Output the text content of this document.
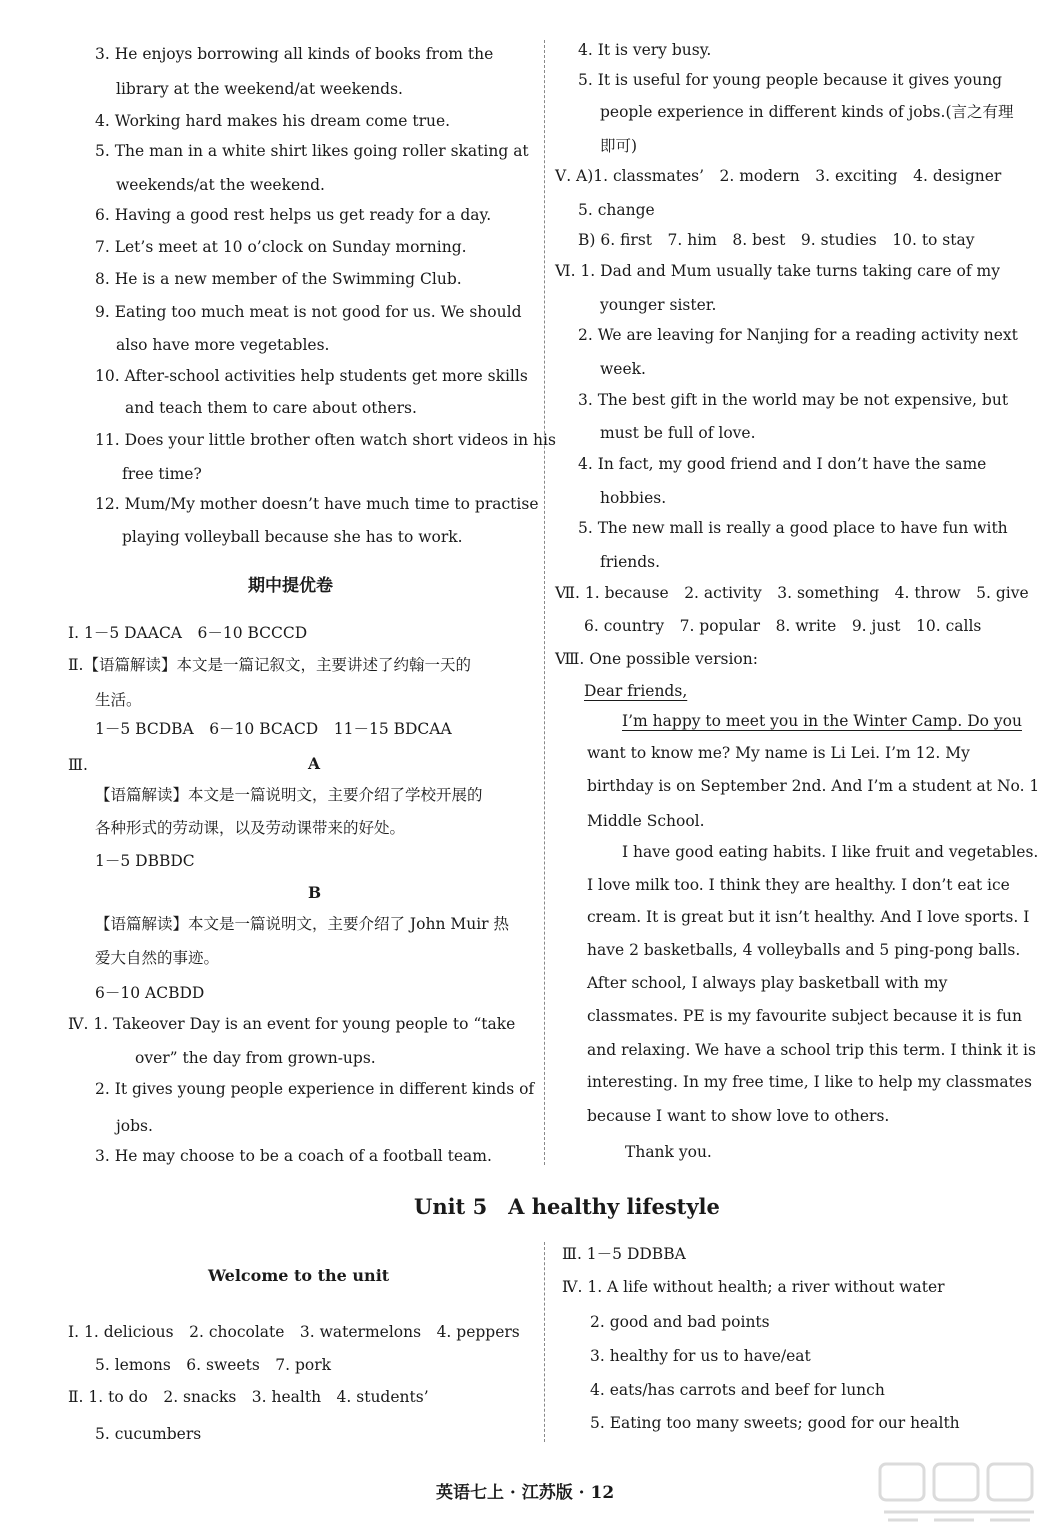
3. He enjoys borrowing all kinds of books from the
library at the weekend/at weekends.
4. Working hard makes his dream come true.
5. The man in a white shirt likes going roller skating at
weekends/at the weekend.
6. Having a good rest helps us get ready for a day.
7. Let’s meet at 10 o’clock on Sunday morning.
8. He is a new member of the Swimming Club.
9. Eating too much meat is not good for us. We should
also have more vegetables.
10. After-school activities help students get more skills
and teach them to care about others.
11. Does your little brother often watch short videos in his
free time?
12. Mum/My mother doesn’t have much time to practise
playing volleyball because she has to work.
期中提优卷
Ⅰ. 1－5 DAACA　6－10 BCCCD
Ⅱ.【语篇解读】本文是一篇记叙文，主要讲述了约翰一天的
生活。
1－5 BCDBA　6－10 BCACD　11－15 BDCAA
Ⅲ.	A
【语篇解读】本文是一篇说明文，主要介绍了学校开展的
各种形式的劳动课，以及劳动课带来的好处。
1－5 DBBDC
B
【语篇解读】本文是一篇说明文，主要介绍了 John Muir 热
爱大自然的事迹。
6－10 ACBDD
Ⅳ. 1. Takeover Day is an event for young people to “take
over” the day from grown-ups.
2. It gives young people experience in different kinds of
jobs.
3. He may choose to be a coach of a football team.
4. It is very busy.
5. It is useful for young people because it gives young
people experience in different kinds of jobs.(言之有理
即可)
Ⅴ. A)1. classmates’　2. modern　3. exciting　4. designer
5. change
B) 6. first　7. him　8. best　9. studies　10. to stay
Ⅵ. 1. Dad and Mum usually take turns taking care of my
younger sister.
2. We are leaving for Nanjing for a reading activity next
week.
3. The best gift in the world may be not expensive, but
must be full of love.
4. In fact, my good friend and I don’t have the same
hobbies.
5. The new mall is really a good place to have fun with
friends.
Ⅶ. 1. because　2. activity　3. something　4. throw　5. give
6. country　7. popular　8. write　9. just　10. calls
Ⅷ. One possible version:
Dear friends,
I’m happy to meet you in the Winter Camp. Do you
want to know me? My name is Li Lei. I’m 12. My
birthday is on September 2nd. And I’m a student at No. 1
Middle School.
I have good eating habits. I like fruit and vegetables.
I love milk too. I think they are healthy. I don’t eat ice
cream. It is great but it isn’t healthy. And I love sports. I
have 2 basketballs, 4 volleyballs and 5 ping-pong balls.
After school, I always play basketball with my
classmates. PE is my favourite subject because it is fun
and relaxing. We have a school trip this term. I think it is
interesting. In my free time, I like to help my classmates
because I want to show love to others.
Thank you.
Unit 5　A healthy lifestyle
Welcome to the unit
Ⅰ. 1. delicious　2. chocolate　3. watermelons　4. peppers
5. lemons　6. sweets　7. pork
Ⅱ. 1. to do　2. snacks　3. health　4. students’
5. cucumbers
Ⅲ. 1－5 DDBBA
Ⅳ. 1. A life without health; a river without water
2. good and bad points
3. healthy for us to have/eat
4. eats/has carrots and beef for lunch
5. Eating too many sweets; good for our health
英语七上 · 江苏版 · 12
